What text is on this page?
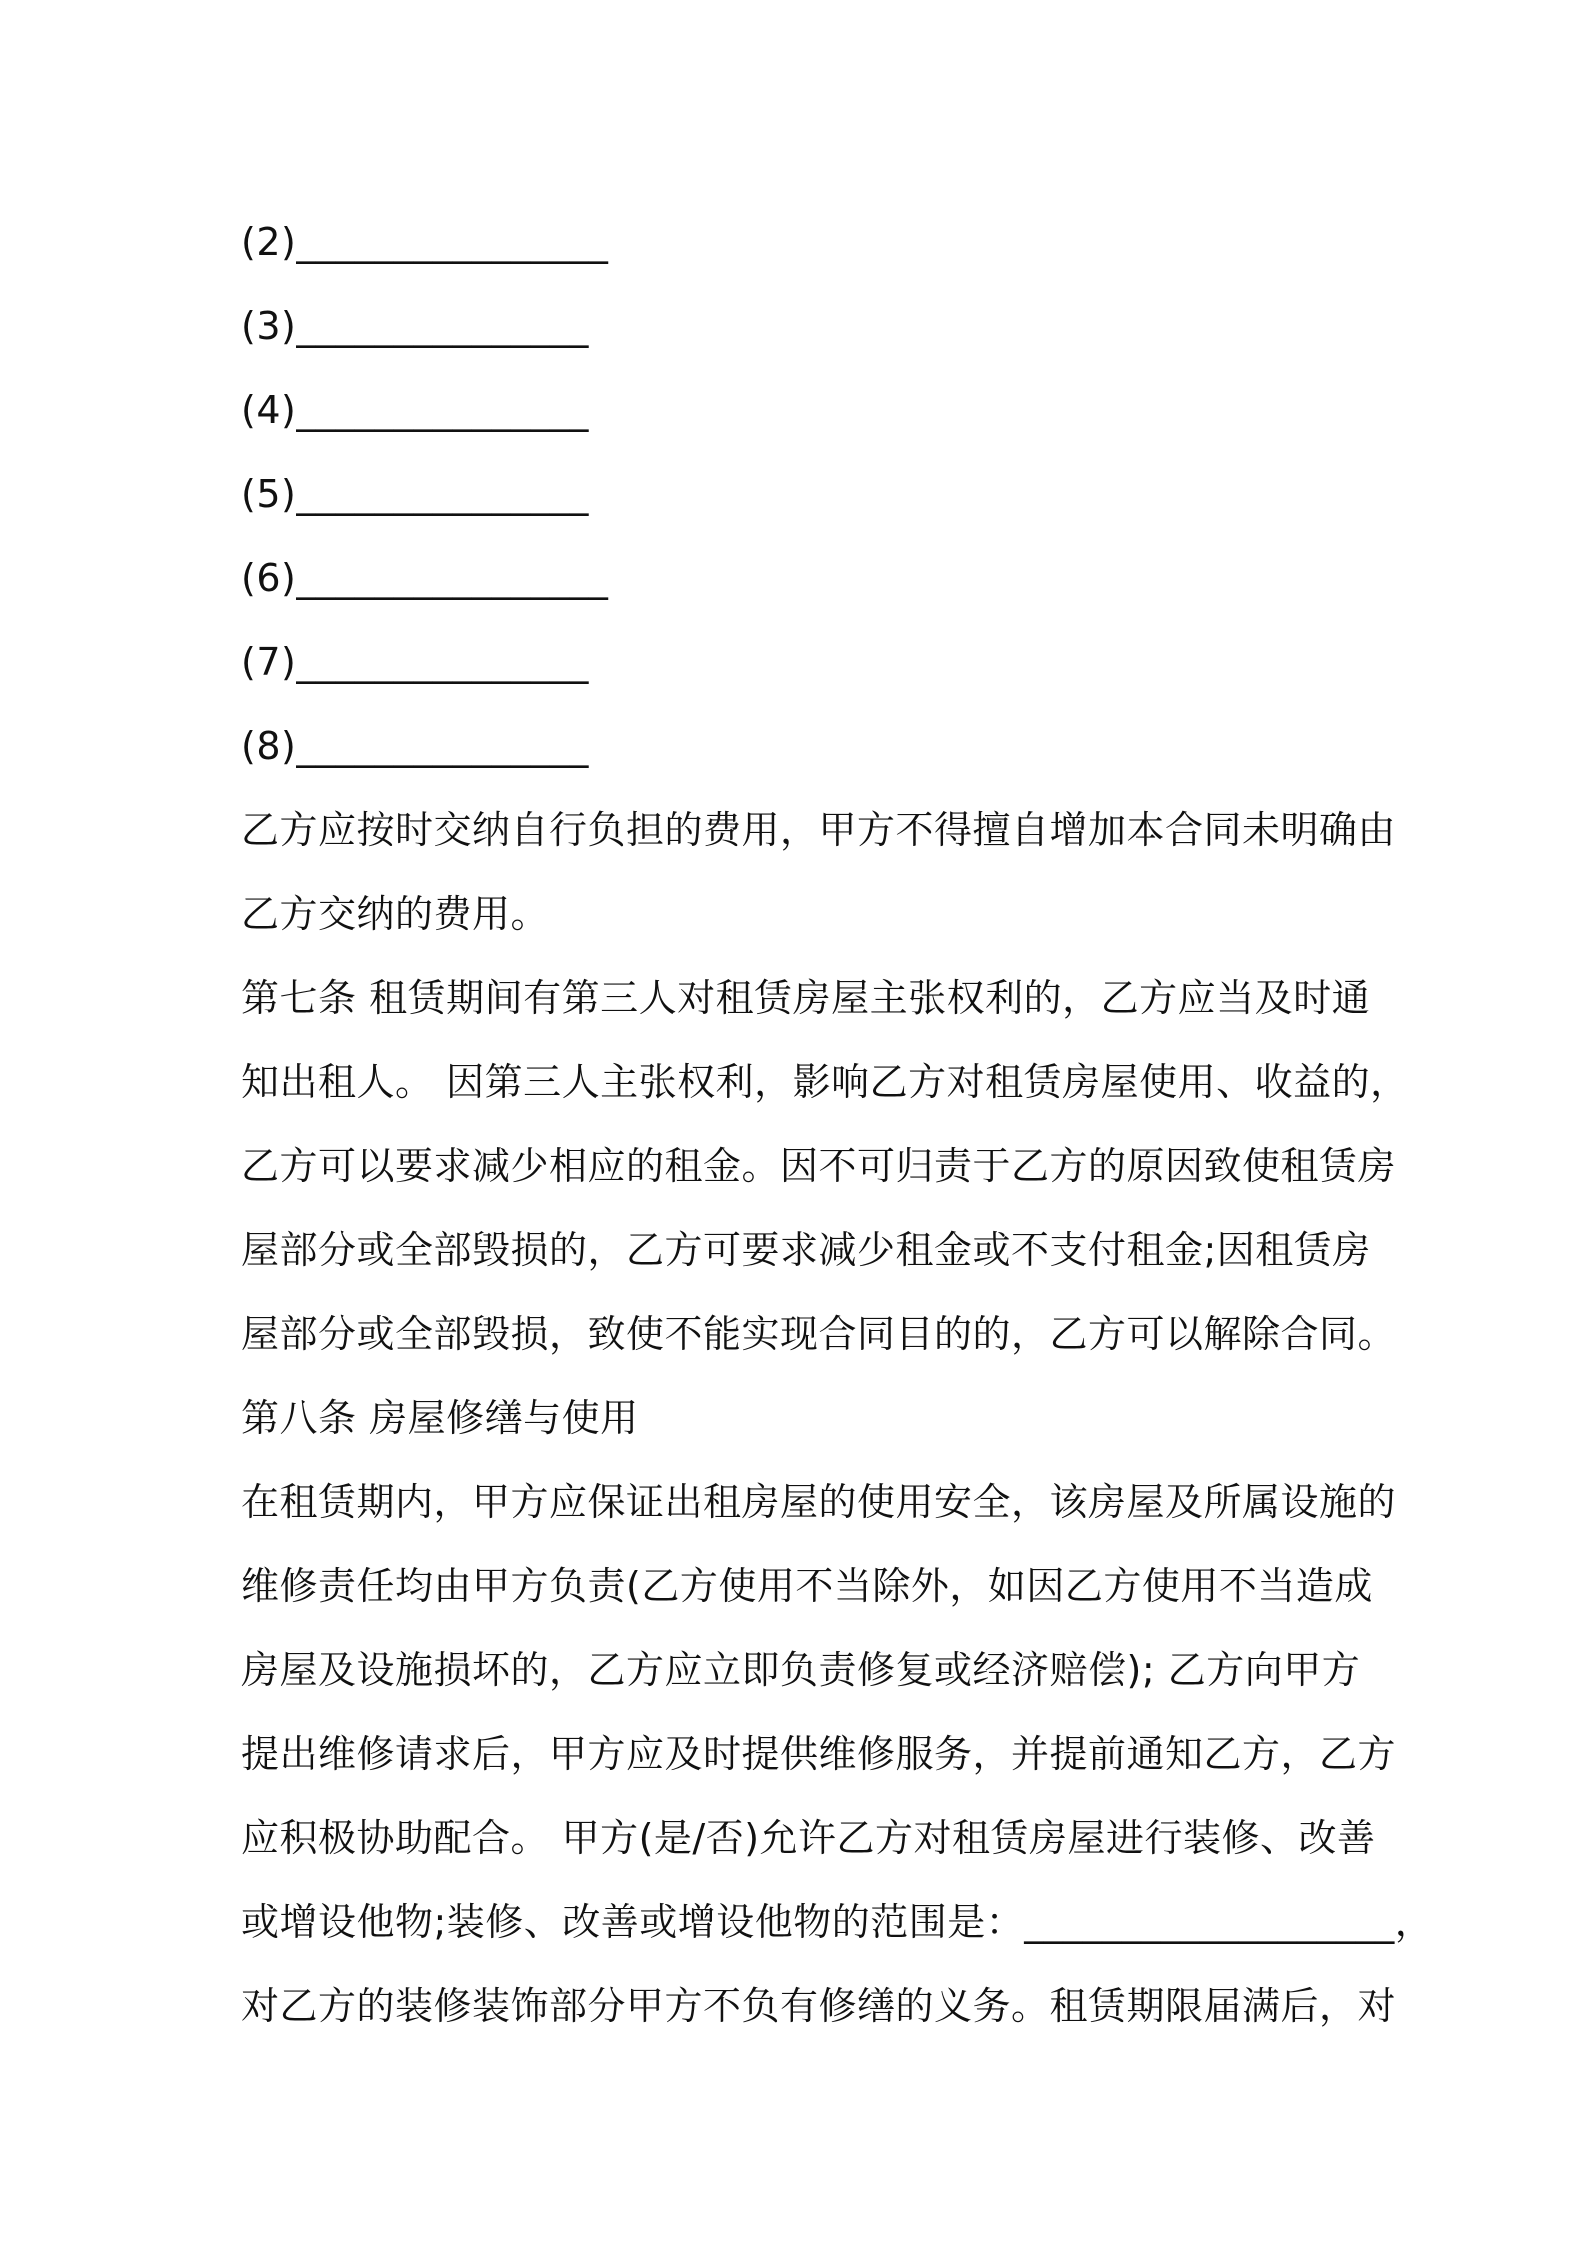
(2)________________
(3)_______________
(4)_______________
(5)_______________
(6)________________
(7)_______________
(8)_______________
乙方应按时交纳自行负担的费用，甲方不得擅自增加本合同未明确由
乙方交纳的费用。
第七条 租赁期间有第三人对租赁房屋主张权利的，乙方应当及时通
知出租人。 因第三人主张权利，影响乙方对租赁房屋使用、收益的，
乙方可以要求减少相应的租金。因不可归责于乙方的原因致使租赁房
屋部分或全部毁损的，乙方可要求减少租金或不支付租金;因租赁房
屋部分或全部毁损，致使不能实现合同目的的，乙方可以解除合同。
第八条 房屋修缮与使用
在租赁期内，甲方应保证出租房屋的使用安全，该房屋及所属设施的
维修责任均由甲方负责(乙方使用不当除外，如因乙方使用不当造成
房屋及设施损坏的，乙方应立即负责修复或经济赔偿); 乙方向甲方
提出维修请求后，甲方应及时提供维修服务，并提前通知乙方，乙方
应积极协助配合。 甲方(是/否)允许乙方对租赁房屋进行装修、改善
或增设他物;装修、改善或增设他物的范围是：___________________，
对乙方的装修装饰部分甲方不负有修缮的义务。租赁期限届满后，对
